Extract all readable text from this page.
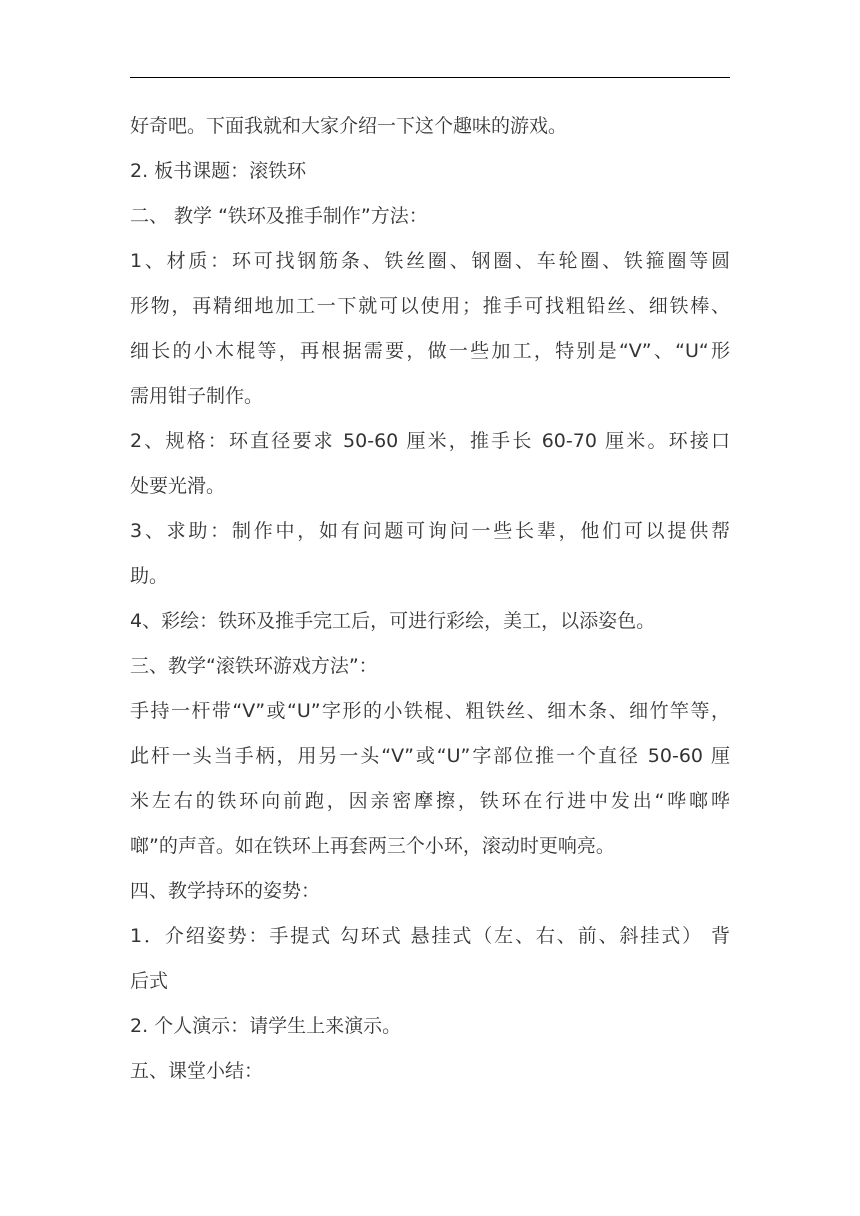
好奇吧。下面我就和大家介绍一下这个趣味的游戏。
2. 板书课题：滚铁环
二、 教学 “铁环及推手制作”方法：
1、材质：环可找钢筋条、铁丝圈、钢圈、车轮圈、铁箍圈等圆
形物，再精细地加工一下就可以使用；推手可找粗铅丝、细铁棒、
细长的小木棍等，再根据需要，做一些加工，特别是“V”、“U“形
需用钳子制作。
2、规格：环直径要求 50-60 厘米，推手长 60-70 厘米。环接口
处要光滑。
3、求助：制作中，如有问题可询问一些长辈，他们可以提供帮
助。
4、彩绘：铁环及推手完工后，可进行彩绘，美工，以添姿色。
三、教学“滚铁环游戏方法”：
手持一杆带“V”或“U”字形的小铁棍、粗铁丝、细木条、细竹竿等，
此杆一头当手柄，用另一头“V”或“U”字部位推一个直径 50-60 厘
米左右的铁环向前跑，因亲密摩擦，铁环在行进中发出“哗啷哗
啷”的声音。如在铁环上再套两三个小环，滚动时更响亮。
四、教学持环的姿势：
1．介绍姿势：手提式 勾环式 悬挂式（左、右、前、斜挂式） 背
后式
2. 个人演示：请学生上来演示。
五、课堂小结：
